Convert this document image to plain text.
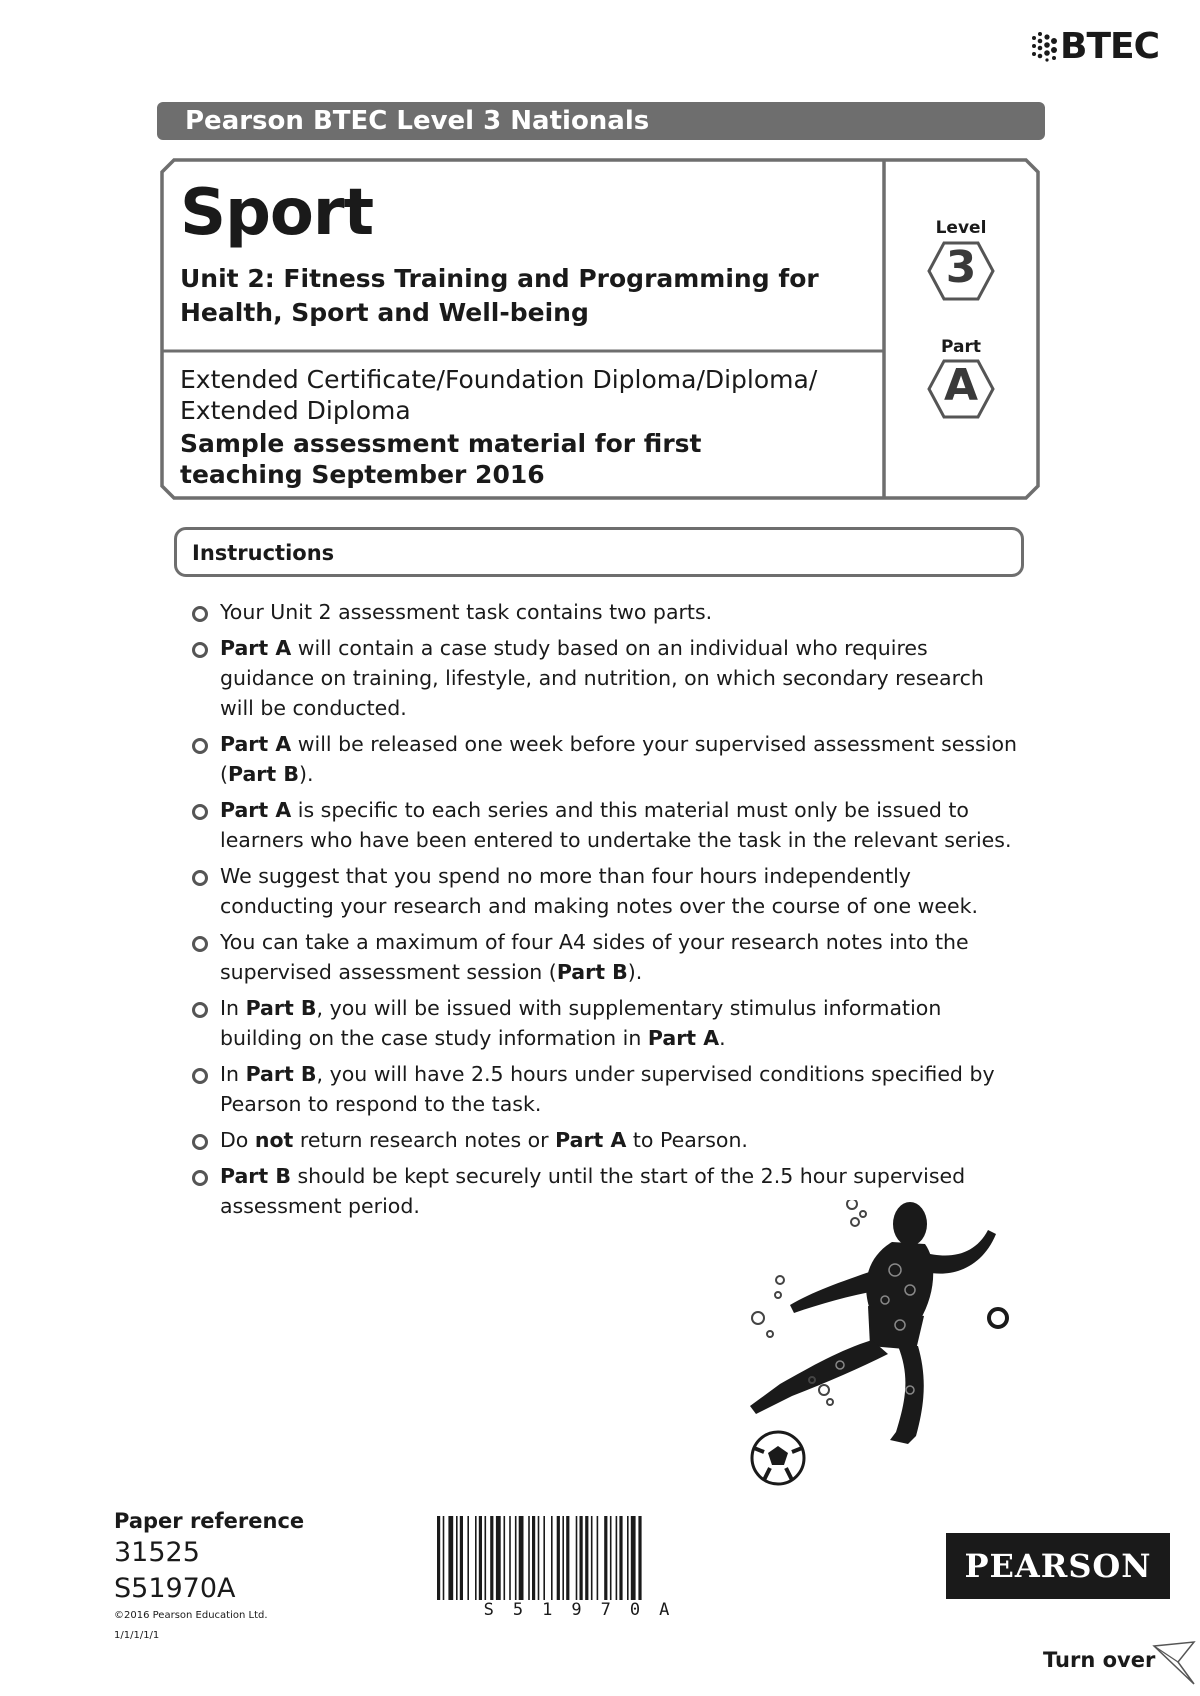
BTEC
Pearson BTEC Level 3 Nationals
Sport
Unit 2: Fitness Training and Programming for Health, Sport and Well-being
Extended Certificate/Foundation Diploma/Diploma/ Extended Diploma
Sample assessment material for first teaching September 2016
Level
3
Part
A
Instructions
Your Unit 2 assessment task contains two parts.
Part A will contain a case study based on an individual who requires guidance on training, lifestyle, and nutrition, on which secondary research will be conducted.
Part A will be released one week before your supervised assessment session (Part B).
Part A is specific to each series and this material must only be issued to learners who have been entered to undertake the task in the relevant series.
We suggest that you spend no more than four hours independently conducting your research and making notes over the course of one week.
You can take a maximum of four A4 sides of your research notes into the supervised assessment session (Part B).
In Part B, you will be issued with supplementary stimulus information building on the case study information in Part A.
In Part B, you will have 2.5 hours under supervised conditions specified by Pearson to respond to the task.
Do not return research notes or Part A to Pearson.
Part B should be kept securely until the start of the 2.5 hour supervised assessment period.
Paper reference
31525
S51970A
©2016 Pearson Education Ltd.
1/1/1/1/1
S51970A
PEARSON
Turn over
